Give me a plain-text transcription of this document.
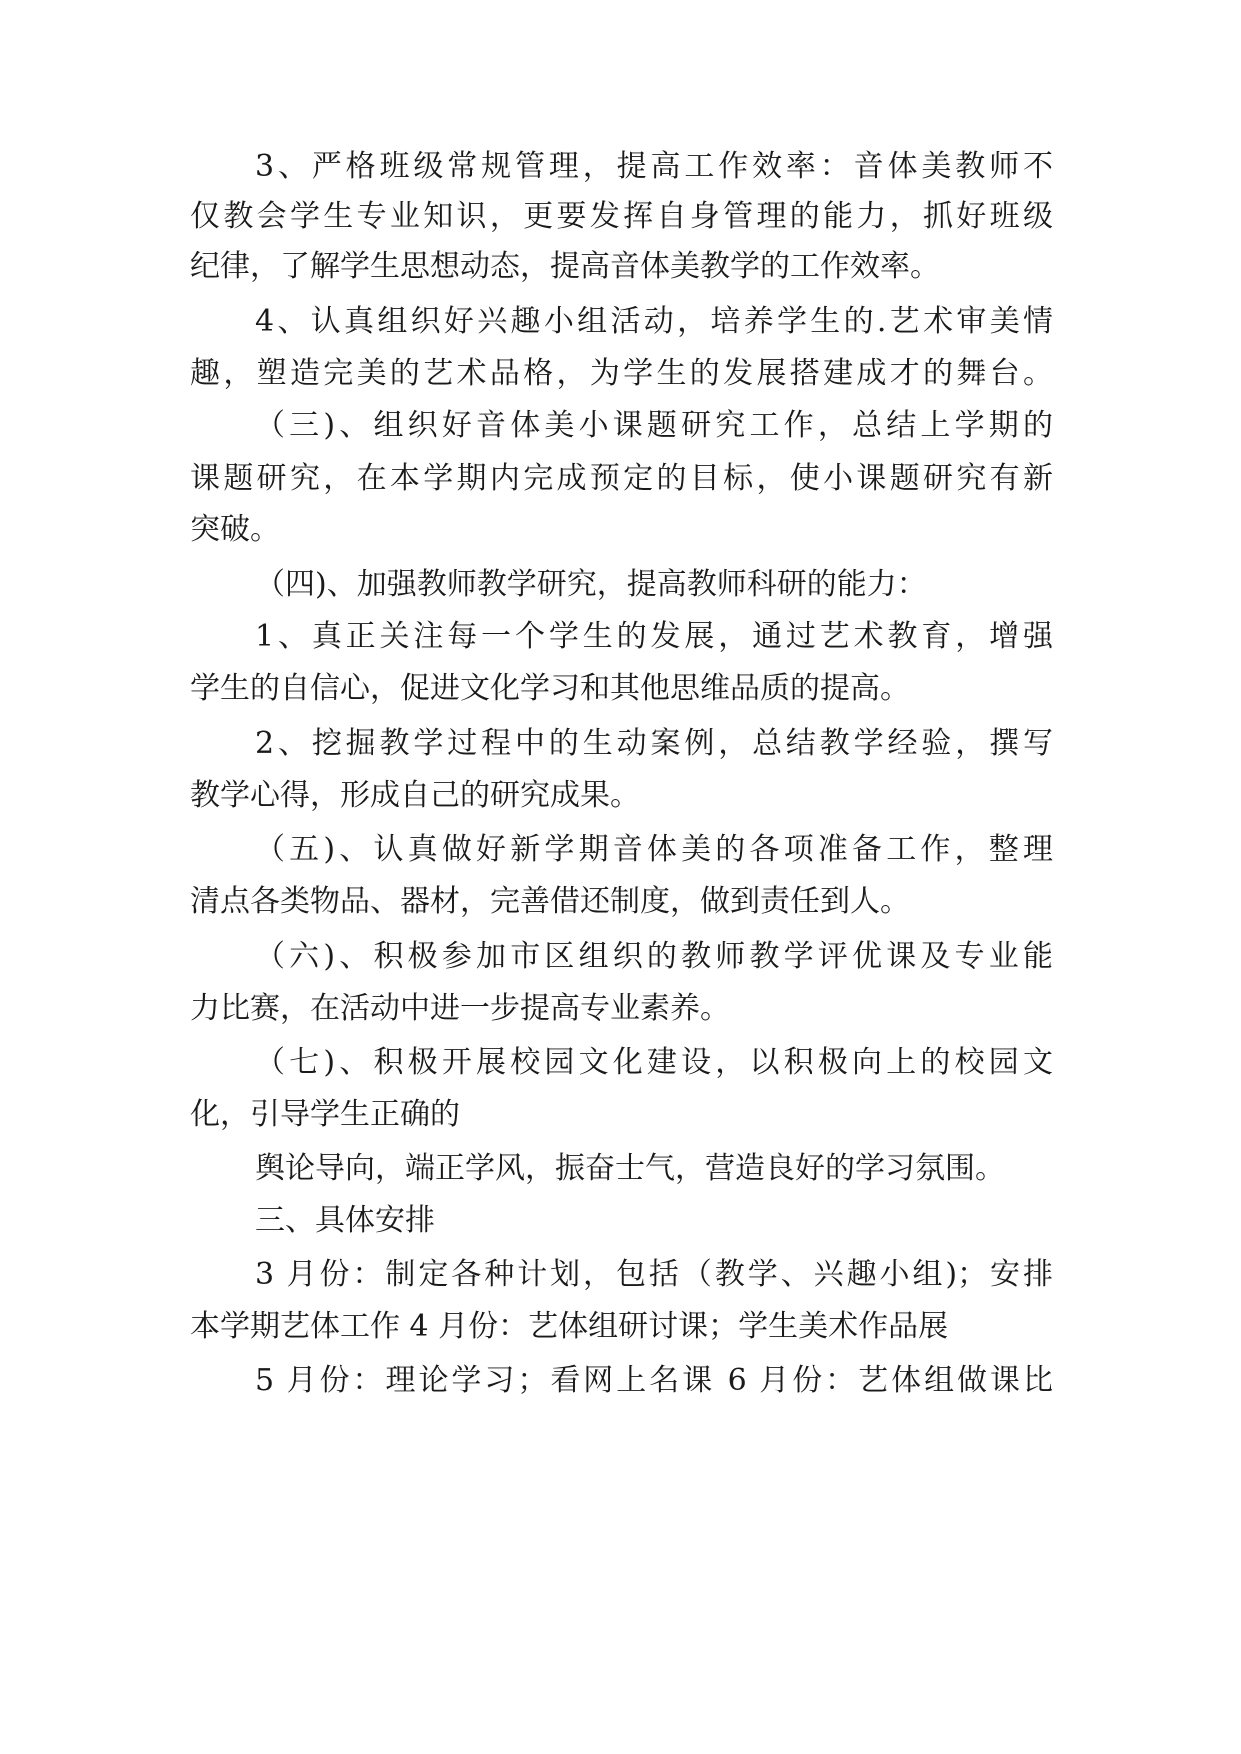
3、严格班级常规管理，提高工作效率：音体美教师不

仅教会学生专业知识，更要发挥自身管理的能力，抓好班级

纪律，了解学生思想动态，提高音体美教学的工作效率。

4、认真组织好兴趣小组活动，培养学生的.艺术审美情

趣，塑造完美的艺术品格，为学生的发展搭建成才的舞台。

（三)、组织好音体美小课题研究工作，总结上学期的

课题研究，在本学期内完成预定的目标，使小课题研究有新

突破。

（四)、加强教师教学研究，提高教师科研的能力：

1、真正关注每一个学生的发展，通过艺术教育，增强

学生的自信心，促进文化学习和其他思维品质的提高。

2、挖掘教学过程中的生动案例，总结教学经验，撰写

教学心得，形成自己的研究成果。

（五)、认真做好新学期音体美的各项准备工作，整理

清点各类物品、器材，完善借还制度，做到责任到人。

（六)、积极参加市区组织的教师教学评优课及专业能

力比赛，在活动中进一步提高专业素养。

（七)、积极开展校园文化建设，以积极向上的校园文

化，引导学生正确的

舆论导向，端正学风，振奋士气，营造良好的学习氛围。

三、具体安排

3 月份：制定各种计划，包括（教学、兴趣小组)；安排

本学期艺体工作 4 月份：艺体组研讨课；学生美术作品展

5 月份：理论学习；看网上名课 6 月份：艺体组做课比
